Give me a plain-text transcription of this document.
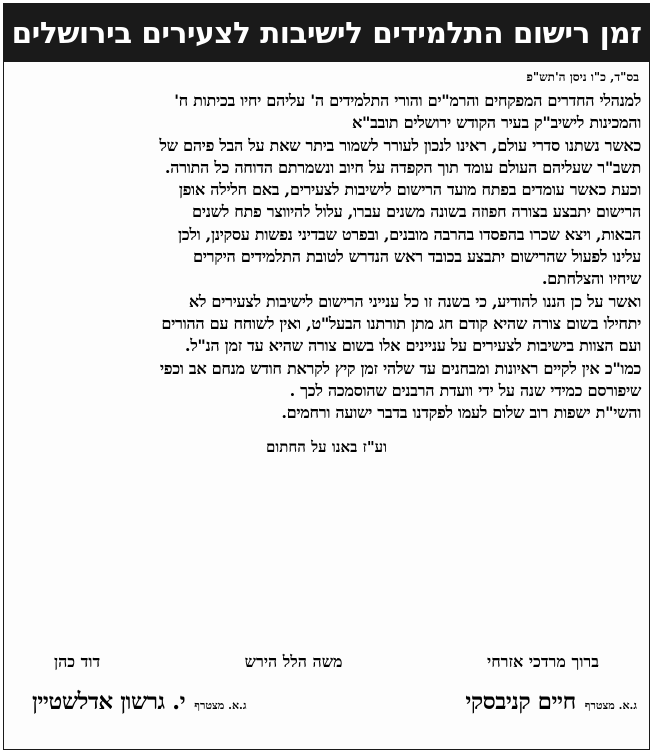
זמן רישום התלמידים לישיבות לצעירים בירושלים
בס"ד, כ"ו ניסן ה'תש"פ

למנהלי החדרים המפקחים והרמ"ים והורי התלמידים ה' עליהם יחיו בכיתות ח'

והמכינות לישיב"ק בעיר הקודש ירושלים תובב"א

כאשר נשתנו סדרי עולם, ראינו לנכון לעורר לשמור ביתר שאת על הבל פיהם של

תשב"ר שעליהם העולם עומד תוך הקפדה על חיוב ונשמרתם הדוחה כל התורה.

וכעת כאשר עומדים בפתח מועד הרישום לישיבות לצעירים, באם חלילה אופן

הרישום יתבצע בצורה חפוזה בשונה משנים עברו, עלול להיווצר פתח לשנים

הבאות, ויצא שכרו בהפסדו בהרבה מובנים, ובפרט שבדיני נפשות עסקינן, ולכן

עלינו לפעול שהרישום יתבצע בכובד ראש הנדרש לטובת התלמידים היקרים

שיחיו והצלחתם.

ואשר על כן הננו להודיע, כי בשנה זו כל ענייני הרישום לישיבות לצעירים לא

יתחילו בשום צורה שהיא קודם חג מתן תורתנו הבעל"ט, ואין לשוחח עם ההורים

ועם הצוות בישיבות לצעירים על עניינים אלו בשום צורה שהיא עד זמן הנ"ל.

כמו"כ אין לקיים ראיונות ומבחנים עד שלהי זמן קיץ לקראת חודש מנחם אב וכפי

שיפורסם כמידי שנה על ידי וועדת הרבנים שהוסמכה לכך .

והשי"ת ישפות רוב שלום לעמו לפקדנו בדבר ישועה ורחמים.

וע"ז באנו על החתום
ברוך מרדכי אזרחי
משה הלל הירש
דוד כהן
ג.א. מצטרף חיים קניבסקי
ג.א. מצטרף י. גרשון אדלשטיין
